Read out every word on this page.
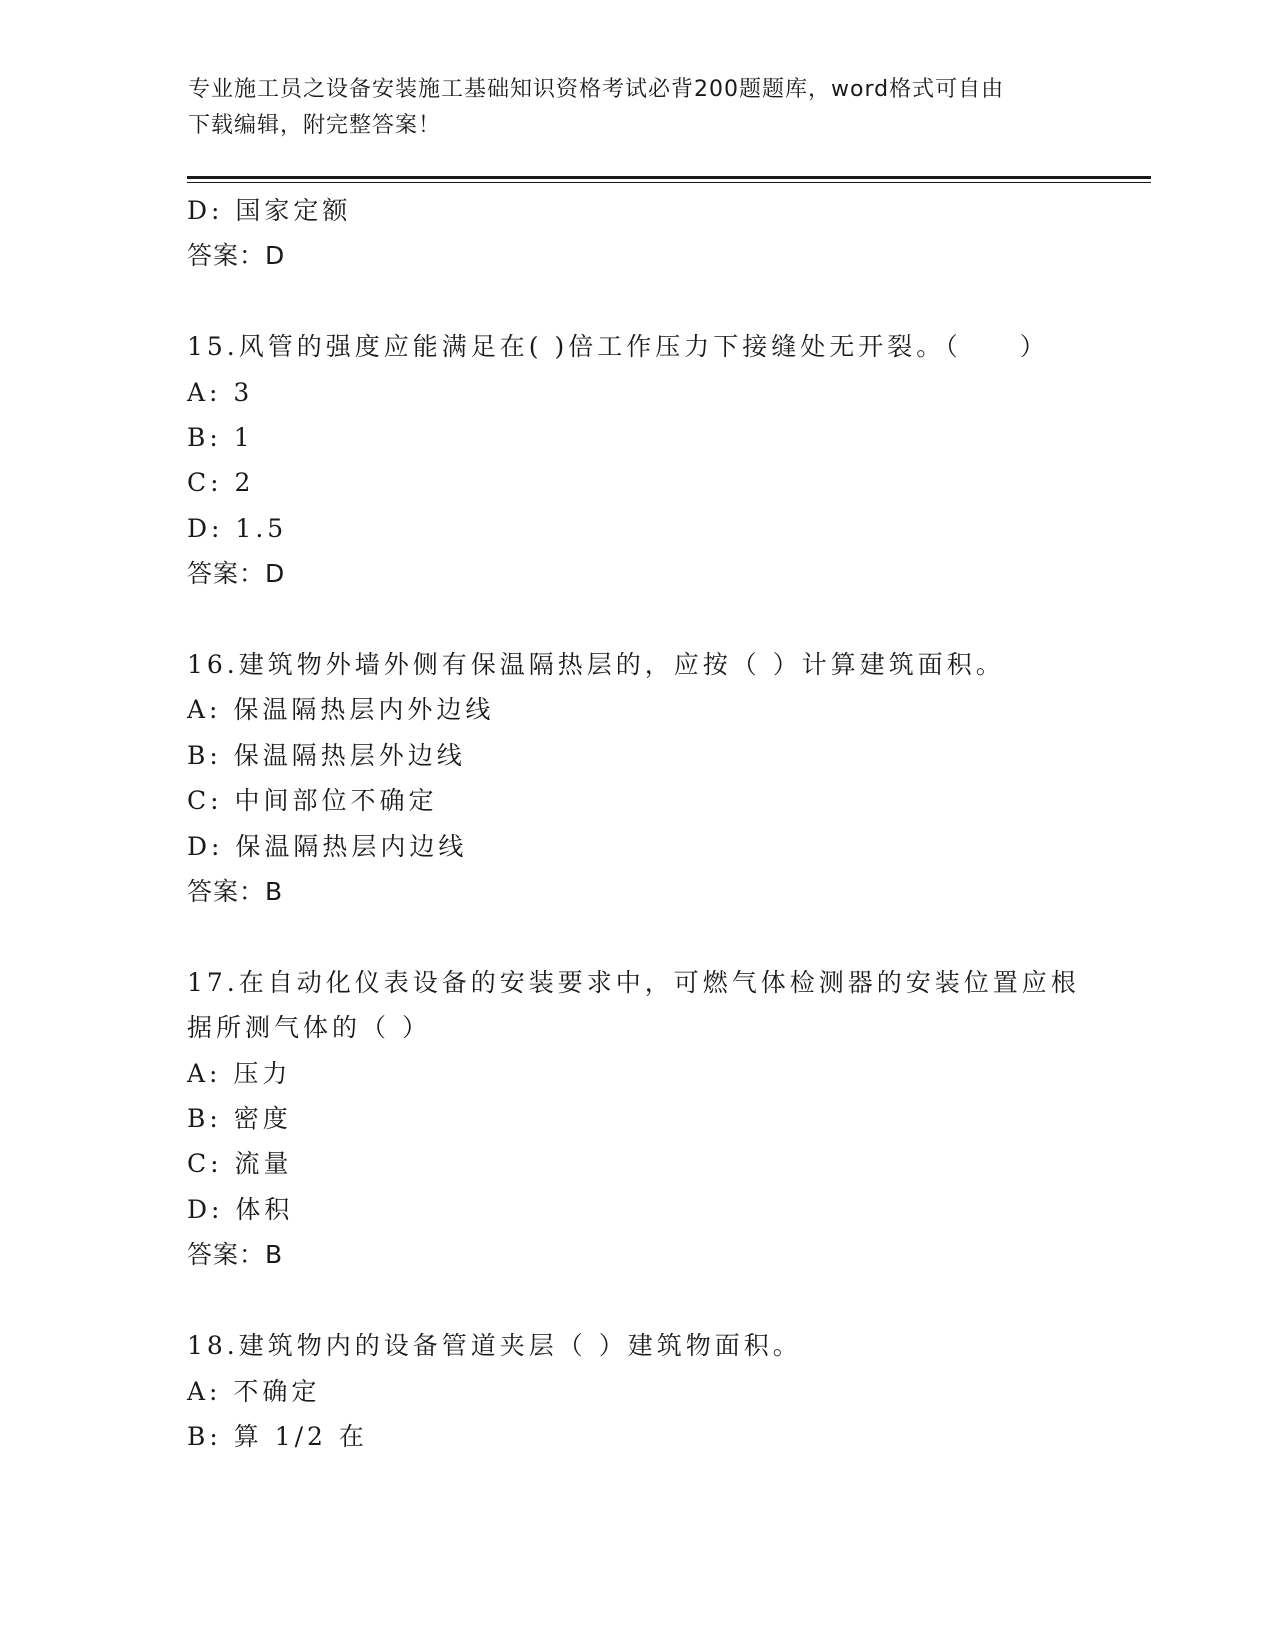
专业施工员之设备安装施工基础知识资格考试必背200题题库，word格式可自由
下载编辑，附完整答案！
D: 国家定额
答案：D
15.风管的强度应能满足在( )倍工作压力下接缝处无开裂。（　　）
A: 3
B: 1
C: 2
D: 1.5
答案：D
16.建筑物外墙外侧有保温隔热层的，应按（ ）计算建筑面积。
A: 保温隔热层内外边线
B: 保温隔热层外边线
C: 中间部位不确定
D: 保温隔热层内边线
答案：B
17.在自动化仪表设备的安装要求中，可燃气体检测器的安装位置应根
据所测气体的（ ）
A: 压力
B: 密度
C: 流量
D: 体积
答案：B
18.建筑物内的设备管道夹层（ ）建筑物面积。
A: 不确定
B: 算 1/2 在
